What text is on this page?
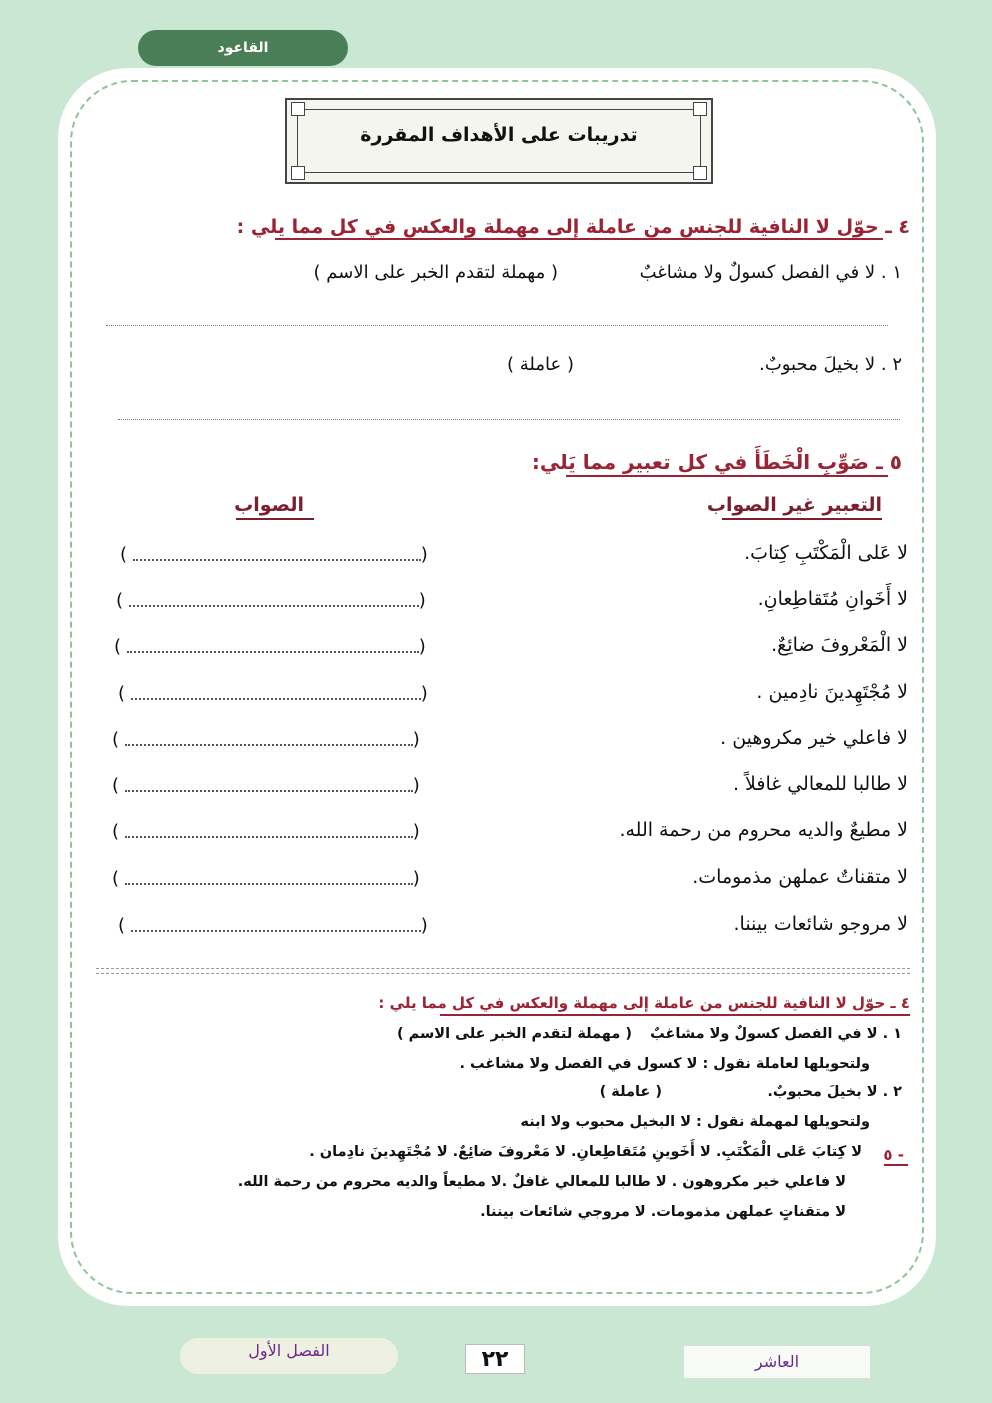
القاعود
تدريبات على الأهداف المقررة
٤ ـ حوّل لا النافية للجنس من عاملة إلى مهملة والعكس في كل مما يلي :
١ . لا في الفصل كسولٌ ولا مشاغبٌ
( مهملة لتقدم الخبر على الاسم )
٢ . لا بخيلَ محبوبٌ.
( عاملة )
٥ ـ صَوِّبِ الْخَطَأَ في كل تعبير مما يَلي:
التعبير غير الصواب
الصواب
لا عَلى الْمَكْتَبِ كِتابَ.
(	)
لا أَخَوانِ مُتَقاطِعانِ.
(	)
لا الْمَعْروفَ ضائِعٌ.
(	)
لا مُجْتَهِدينَ نادِمين .
(	)
لا فاعلي خير مكروهين .
(	)
لا طالبا للمعالي غافلاً .
(	)
لا مطيعٌ والديه محروم من رحمة الله.
(	)
لا متقناتٌ عملهن مذمومات.
(	)
لا مروجو شائعات بيننا.
(	)
٤ ـ حوّل لا النافية للجنس من عاملة إلى مهملة والعكس في كل مما يلي :
١ . لا في الفصل كسولٌ ولا مشاغبٌ
( مهملة لتقدم الخبر على الاسم )
ولتحويلها لعاملة نقول : لا كسول في الفصل ولا مشاغب .
٢ . لا بخيلَ محبوبٌ.
( عاملة )
ولتحويلها لمهملة نقول : لا البخيل محبوب ولا ابنه
٥ -
لا كِتابَ عَلى الْمَكْتَبِ. لا أَخَوينِ مُتَقاطِعانِ. لا مَعْروفَ ضائِعٌ. لا مُجْتَهِدينَ نادِمان .
لا فاعلي خير مكروهون . لا طالبا للمعالي غافلٌ .لا مطيعاً والديه محروم من رحمة الله.
لا متقناتٍ عملهن مذمومات. لا مروجي شائعات بيننا.
الفصل الأول	٢٢	العاشر
